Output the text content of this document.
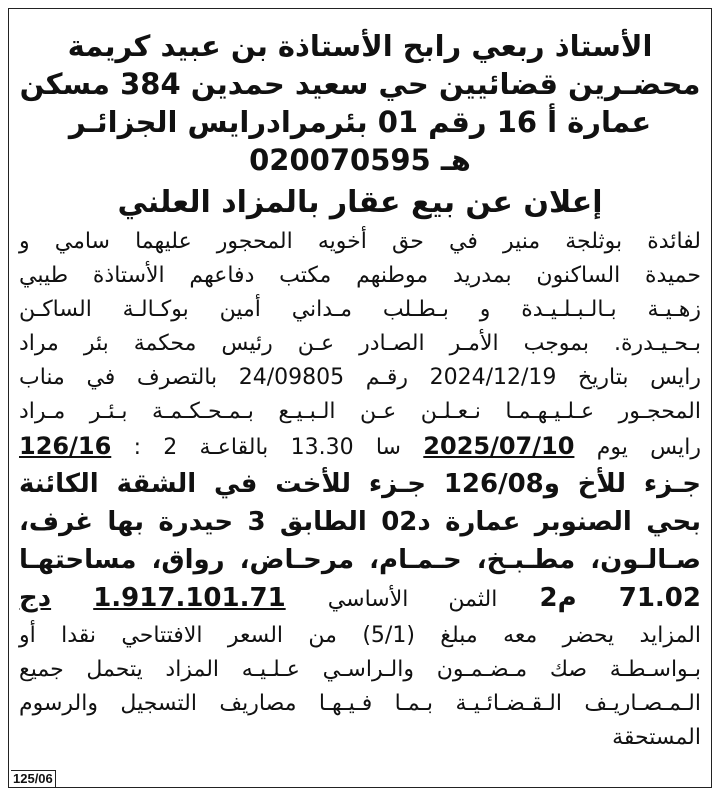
الأستاذ ربعي رابح الأستاذة بن عبيد كريمة

محضـرين قضائيين حي سعيد حمدين 384 مسكن

عمارة أ 16 رقم 01 بئرمرادرايس الجزائـر

هـ 020070595

إعلان عن بيع عقار بالمزاد العلني

لفائدة بوثلجة منير في حق أخويه المحجور عليهما سامي و
حميدة الساكنون بمدريد موطنهم مكتب دفاعهم الأستاذة طيبي
زهـيـة بـالـبـلـيـدة و بـطـلب مـداني أمين بوكـالـة الساكـن
بـحـيـدرة. بموجب الأمـر الصـادر عـن رئيس محكمة بئر مراد
رايس بتاريخ 2024/12/19 رقـم 24/09805 بالتصرف في مناب
المحجـور عـلـيـهـمـا نـعـلـن عـن الـبـيـع بـمـحـكـمـة بـئـر مـراد
رايس يوم 2025/07/10 سا 13.30 بالقاعـة 2 : 126/16
جـزء للأخ و126/08 جـزء للأخت في الشقة الكائنة
بحي الصنوبر عمارة د02 الطابق 3 حيدرة بها غرف،
صـالـون، مطـبـخ، حـمـام، مرحـاض، رواق، مساحتهـا
71.02 م2 الثمن الأساسي 1.917.101.71 دج
المزايد يحضر معه مبلغ (5/1) من السعر الافتتاحي نقدا أو
بـواسـطـة صك مـضـمـون والـراسـي عـلـيـه المزاد يتحمل جميع
الـمـصـاريـف الـقـضـائـيـة بـمـا فـيـهـا مصاريف التسجيل والرسوم
المستحقة
125/06
